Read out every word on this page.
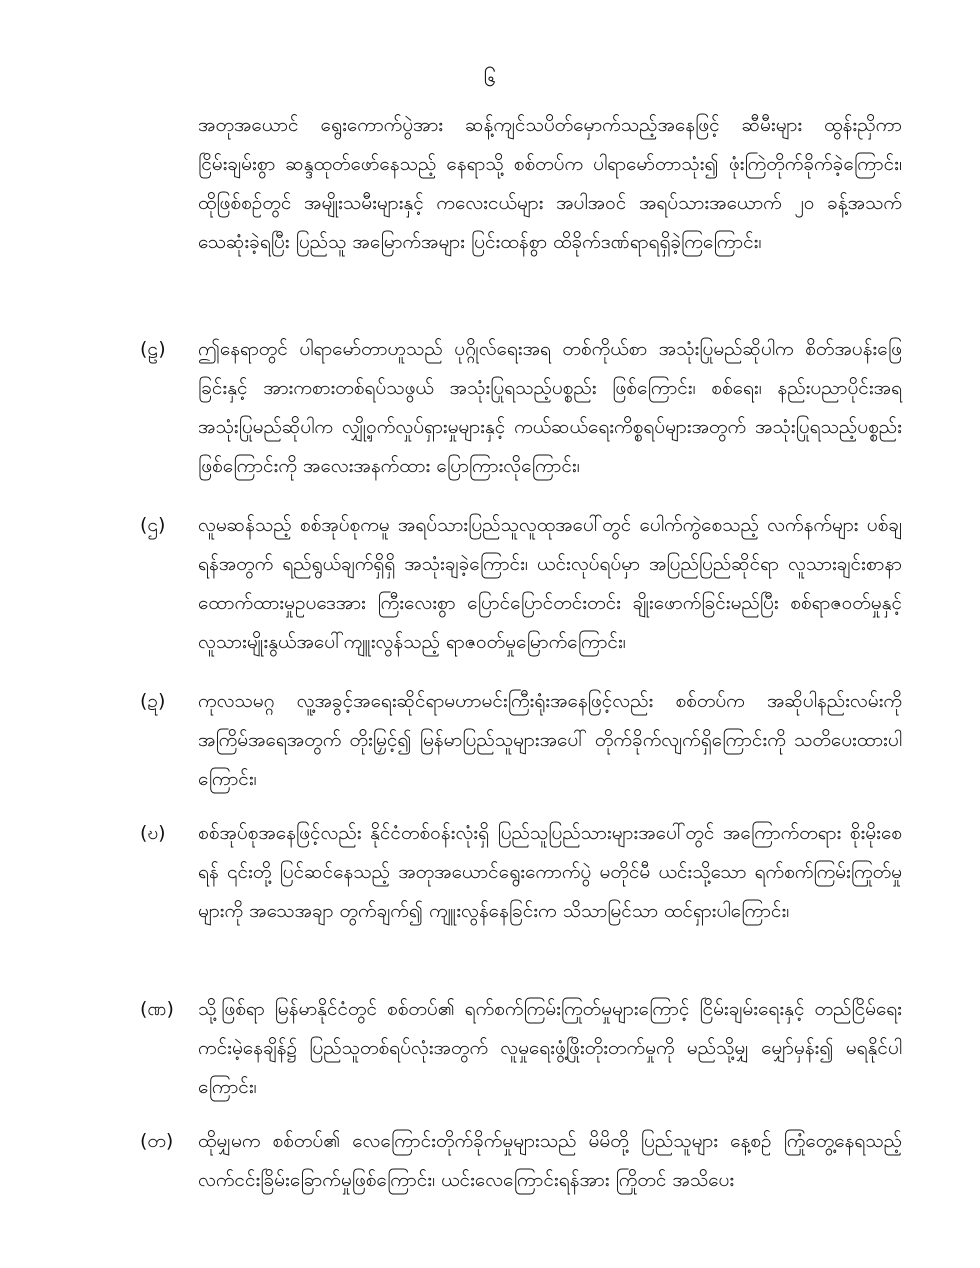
၆
အတုအယောင် ရွေးကောက်ပွဲအား ဆန့်ကျင်သပိတ်မှောက်သည့်အနေဖြင့် ဆီမီးများ ထွန်းညှိကာ ငြိမ်းချမ်းစွာ ဆန္ဒထုတ်ဖော်နေသည့် နေရာသို့ စစ်တပ်က ပါရာမော်တာသုံး၍ ဖုံးကြဲတိုက်ခိုက်ခဲ့ကြောင်း၊ ထိုဖြစ်စဉ်တွင် အမျိုးသမီးများနှင့် ကလေးငယ်များ အပါအဝင် အရပ်သားအယောက် ၂၀ ခန့်အသက်သေဆုံးခဲ့ရပြီး ပြည်သူ အမြောက်အများ ပြင်းထန်စွာ ထိခိုက်ဒဏ်ရာရရှိခဲ့ကြကြောင်း၊
(ဠ) ဤနေရာတွင် ပါရာမော်တာဟူသည် ပုဂ္ဂိုလ်ရေးအရ တစ်ကိုယ်စာ အသုံးပြုမည်ဆိုပါက စိတ်အပန်းဖြေခြင်းနှင့် အားကစားတစ်ရပ်သဖွယ် အသုံးပြုရသည့်ပစ္စည်း ဖြစ်ကြောင်း၊ စစ်ရေး၊ နည်းပညာပိုင်းအရ အသုံးပြုမည်ဆိုပါက လျှို့ဝှက်လှုပ်ရှားမှုများနှင့် ကယ်ဆယ်ရေးကိစ္စရပ်များအတွက် အသုံးပြုရသည့်ပစ္စည်းဖြစ်ကြောင်းကို အလေးအနက်ထား ပြောကြားလိုကြောင်း၊
(ဌ) လူမဆန်သည့် စစ်အုပ်စုကမူ အရပ်သားပြည်သူလူထုအပေါ်တွင် ပေါက်ကွဲစေသည့် လက်နက်များ ပစ်ချရန်အတွက် ရည်ရွယ်ချက်ရှိရှိ အသုံးချခဲ့ကြောင်း၊ ယင်းလုပ်ရပ်မှာ အပြည်ပြည်ဆိုင်ရာ လူသားချင်းစာနာထောက်ထားမှုဥပဒေအား ကြီးလေးစွာ ပြောင်ပြောင်တင်းတင်း ချိုးဖောက်ခြင်းမည်ပြီး စစ်ရာဇဝတ်မှုနှင့် လူသားမျိုးနွယ်အပေါ်ကျူးလွန်သည့် ရာဇဝတ်မှုမြောက်ကြောင်း၊
(ဍ) ကုလသမဂ္ဂ လူ့အခွင့်အရေးဆိုင်ရာမဟာမင်းကြီးရုံးအနေဖြင့်လည်း စစ်တပ်က အဆိုပါနည်းလမ်းကို အကြိမ်အရေအတွက် တိုးမြှင့်၍ မြန်မာပြည်သူများအပေါ် တိုက်ခိုက်လျက်ရှိကြောင်းကို သတိပေးထားပါကြောင်း၊
(ဎ) စစ်အုပ်စုအနေဖြင့်လည်း နိုင်ငံတစ်ဝန်းလုံးရှိ ပြည်သူပြည်သားများအပေါ်တွင် အကြောက်တရား စိုးမိုးစေရန် ၎င်းတို့ ပြင်ဆင်နေသည့် အတုအယောင်ရွေးကောက်ပွဲ မတိုင်မီ ယင်းသို့သော ရက်စက်ကြမ်းကြုတ်မှုများကို အသေအချာ တွက်ချက်၍ ကျူးလွန်နေခြင်းက သိသာမြင်သာ ထင်ရှားပါကြောင်း၊
(ဏ) သို့ဖြစ်ရာ မြန်မာနိုင်ငံတွင် စစ်တပ်၏ ရက်စက်ကြမ်းကြုတ်မှုများကြောင့် ငြိမ်းချမ်းရေးနှင့် တည်ငြိမ်ရေး ကင်းမဲ့နေချိန်၌ ပြည်သူတစ်ရပ်လုံးအတွက် လူမှုရေးဖွံ့ဖြိုးတိုးတက်မှုကို မည်သို့မျှ မျှော်မှန်း၍ မရနိုင်ပါကြောင်း၊
(တ) ထိုမျှမက စစ်တပ်၏ လေကြောင်းတိုက်ခိုက်မှုများသည် မိမိတို့ ပြည်သူများ နေ့စဉ် ကြုံတွေ့နေရသည့် လက်ငင်းခြိမ်းခြောက်မှုဖြစ်ကြောင်း၊ ယင်းလေကြောင်းရန်အား ကြိုတင် အသိပေး
